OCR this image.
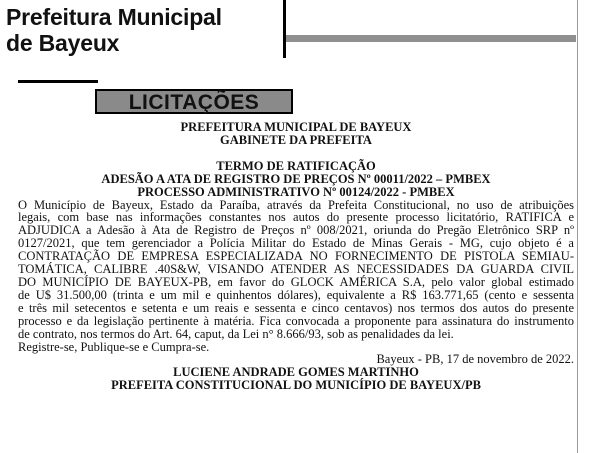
Prefeitura Municipal
de Bayeux
LICITAÇÕES
PREFEITURA MUNICIPAL DE BAYEUX
GABINETE DA PREFEITA
TERMO DE RATIFICAÇÃO
ADESÃO A ATA DE REGISTRO DE PREÇOS Nº 00011/2022 – PMBEX
PROCESSO ADMINISTRATIVO Nº 00124/2022 - PMBEX
O Município de Bayeux, Estado da Paraíba, através da Prefeita Constitucional, no uso de atribuições
legais, com base nas informações constantes nos autos do presente processo licitatório, RATIFICA e
ADJUDICA a Adesão à Ata de Registro de Preços nº 008/2021, oriunda do Pregão Eletrônico SRP nº
0127/2021, que tem gerenciador a Polícia Militar do Estado de Minas Gerais - MG, cujo objeto é a
CONTRATAÇÃO DE EMPRESA ESPECIALIZADA NO FORNECIMENTO DE PISTOLA SEMIAU-
TOMÁTICA, CALIBRE .40S&W, VISANDO ATENDER AS NECESSIDADES DA GUARDA CIVIL
DO MUNICÍPIO DE BAYEUX-PB, em favor do GLOCK AMÉRICA S.A, pelo valor global estimado
de U$ 31.500,00 (trinta e um mil e quinhentos dólares), equivalente a R$ 163.771,65 (cento e sessenta
e três mil setecentos e setenta e um reais e sessenta e cinco centavos) nos termos dos autos do presente
processo e da legislação pertinente à matéria. Fica convocada a proponente para assinatura do instrumento
de contrato, nos termos do Art. 64, caput, da Lei n° 8.666/93, sob as penalidades da lei.
Registre-se, Publique-se e Cumpra-se.
Bayeux - PB, 17 de novembro de 2022.
LUCIENE ANDRADE GOMES MARTINHO
PREFEITA CONSTITUCIONAL DO MUNICÍPIO DE BAYEUX/PB
